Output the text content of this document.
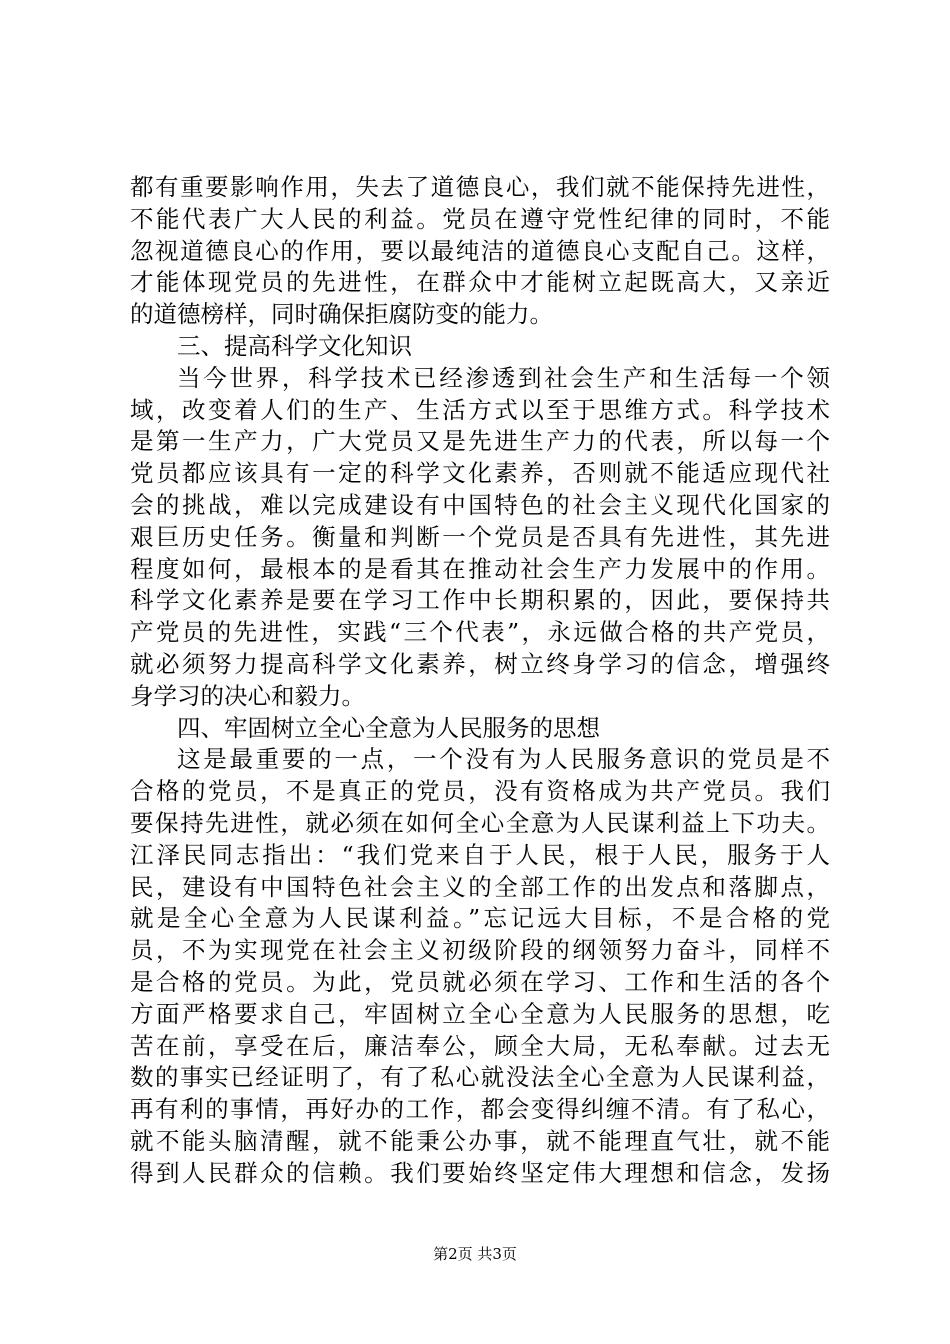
都有重要影响作用，失去了道德良心，我们就不能保持先进性，
不能代表广大人民的利益。党员在遵守党性纪律的同时，不能
忽视道德良心的作用，要以最纯洁的道德良心支配自己。这样，
才能体现党员的先进性，在群众中才能树立起既高大，又亲近
的道德榜样，同时确保拒腐防变的能力。
三、提高科学文化知识
当今世界，科学技术已经渗透到社会生产和生活每一个领
域，改变着人们的生产、生活方式以至于思维方式。科学技术
是第一生产力，广大党员又是先进生产力的代表，所以每一个
党员都应该具有一定的科学文化素养，否则就不能适应现代社
会的挑战，难以完成建设有中国特色的社会主义现代化国家的
艰巨历史任务。衡量和判断一个党员是否具有先进性，其先进
程度如何，最根本的是看其在推动社会生产力发展中的作用。
科学文化素养是要在学习工作中长期积累的，因此，要保持共
产党员的先进性，实践“三个代表”，永远做合格的共产党员，
就必须努力提高科学文化素养，树立终身学习的信念，增强终
身学习的决心和毅力。
四、牢固树立全心全意为人民服务的思想
这是最重要的一点，一个没有为人民服务意识的党员是不
合格的党员，不是真正的党员，没有资格成为共产党员。我们
要保持先进性，就必须在如何全心全意为人民谋利益上下功夫。
江泽民同志指出：“我们党来自于人民，根于人民，服务于人
民，建设有中国特色社会主义的全部工作的出发点和落脚点，
就是全心全意为人民谋利益。”忘记远大目标，不是合格的党
员，不为实现党在社会主义初级阶段的纲领努力奋斗，同样不
是合格的党员。为此，党员就必须在学习、工作和生活的各个
方面严格要求自己，牢固树立全心全意为人民服务的思想，吃
苦在前，享受在后，廉洁奉公，顾全大局，无私奉献。过去无
数的事实已经证明了，有了私心就没法全心全意为人民谋利益，
再有利的事情，再好办的工作，都会变得纠缠不清。有了私心，
就不能头脑清醒，就不能秉公办事，就不能理直气壮，就不能
得到人民群众的信赖。我们要始终坚定伟大理想和信念，发扬
第2页 共3页
